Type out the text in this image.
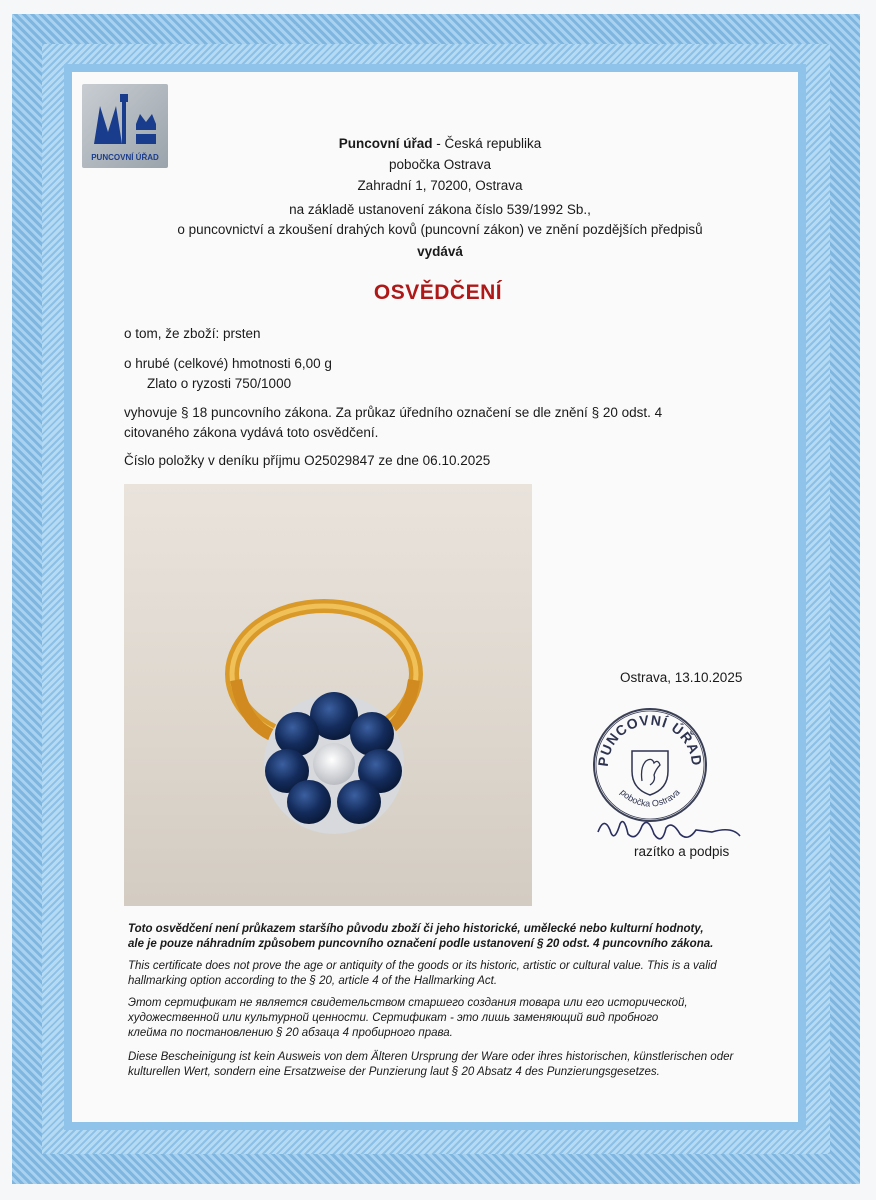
PUNCOVNÍ ÚŘAD
Puncovní úřad - Česká republika
pobočka Ostrava
Zahradní 1, 70200, Ostrava
na základě ustanovení zákona číslo 539/1992 Sb.,
o puncovnictví a zkoušení drahých kovů (puncovní zákon) ve znění pozdějších předpisů
vydává
OSVĚDČENÍ
o tom, že zboží: prsten
o hrubé (celkové) hmotnosti 6,00 g
Zlato o ryzosti 750/1000
vyhovuje § 18 puncovního zákona. Za průkaz úředního označení se dle znění § 20 odst. 4
citovaného zákona vydává toto osvědčení.
Číslo položky v deníku příjmu O25029847 ze dne 06.10.2025
Ostrava, 13.10.2025
PUNCOVNÍ ÚŘAD
pobočka Ostrava
razítko a podpis
Toto osvědčení není průkazem staršího původu zboží či jeho historické, umělecké nebo kulturní hodnoty,
ale je pouze náhradním způsobem puncovního označení podle ustanovení § 20 odst. 4 puncovního zákona.
This certificate does not prove the age or antiquity of the goods or its historic, artistic or cultural value. This is a valid
hallmarking option according to the § 20, article 4 of the Hallmarking Act.
Этот сертификат не является свидетельством старшего создания товара или его исторической,
художественной или культурной ценности. Сертификат - это лишь заменяющий вид пробного
клейма по постановлению § 20 абзаца 4 пробирного права.
Diese Bescheinigung ist kein Ausweis von dem Älteren Ursprung der Ware oder ihres historischen, künstlerischen oder
kulturellen Wert, sondern eine Ersatzweise der Punzierung laut § 20 Absatz 4 des Punzierungsgesetzes.
